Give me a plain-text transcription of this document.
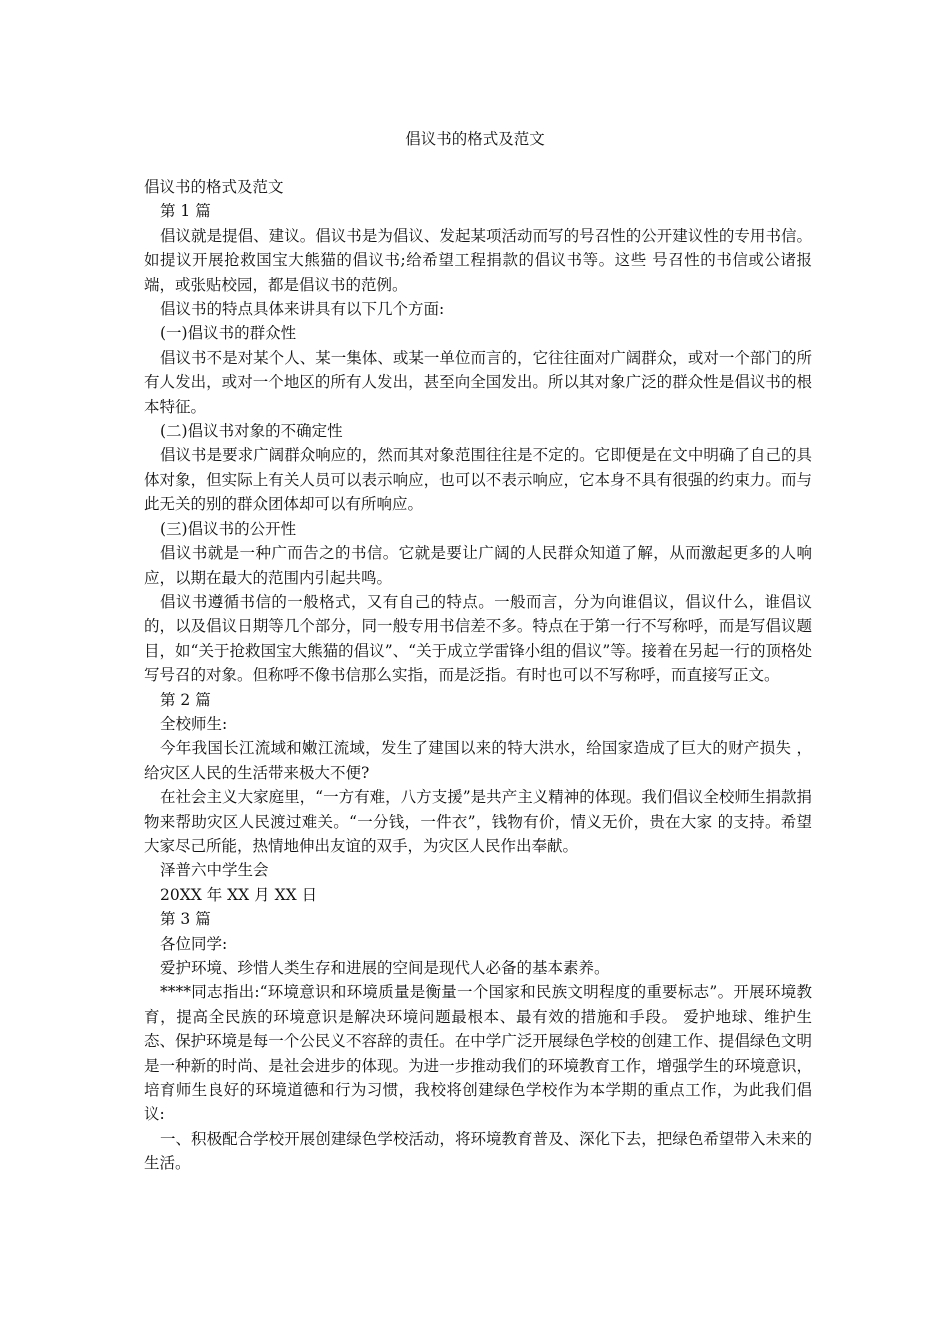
倡议书的格式及范文

倡议书的格式及范文

第 1 篇

倡议就是提倡、建议。倡议书是为倡议、发起某项活动而写的号召性的公开建议性的专用书信。如提议开展抢救国宝大熊猫的倡议书;给希望工程捐款的倡议书等。这些 号召性的书信或公诸报端，或张贴校园，都是倡议书的范例。

倡议书的特点具体来讲具有以下几个方面:

(一)倡议书的群众性

倡议书不是对某个人、某一集体、或某一单位而言的，它往往面对广阔群众，或对一个部门的所有人发出，或对一个地区的所有人发出，甚至向全国发出。所以其对象广泛的群众性是倡议书的根本特征。

(二)倡议书对象的不确定性

倡议书是要求广阔群众响应的，然而其对象范围往往是不定的。它即便是在文中明确了自己的具体对象，但实际上有关人员可以表示响应，也可以不表示响应，它本身不具有很强的约束力。而与此无关的别的群众团体却可以有所响应。

(三)倡议书的公开性

倡议书就是一种广而告之的书信。它就是要让广阔的人民群众知道了解，从而激起更多的人响应，以期在最大的范围内引起共鸣。

倡议书遵循书信的一般格式，又有自己的特点。一般而言，分为向谁倡议，倡议什么，谁倡议的，以及倡议日期等几个部分，同一般专用书信差不多。特点在于第一行不写称呼，而是写倡议题目，如“关于抢救国宝大熊猫的倡议”、“关于成立学雷锋小组的倡议”等。接着在另起一行的顶格处写号召的对象。但称呼不像书信那么实指，而是泛指。有时也可以不写称呼，而直接写正文。

第 2 篇

全校师生:

今年我国长江流域和嫩江流域，发生了建国以来的特大洪水，给国家造成了巨大的财产损失 ，给灾区人民的生活带来极大不便?

在社会主义大家庭里，“一方有难，八方支援”是共产主义精神的体现。我们倡议全校师生捐款捐物来帮助灾区人民渡过难关。“一分钱，一件衣”，钱物有价，情义无价，贵在大家 的支持。希望大家尽己所能，热情地伸出友谊的双手，为灾区人民作出奉献。

泽普六中学生会

20XX 年 XX 月 XX 日

第 3 篇

各位同学:

爱护环境、珍惜人类生存和进展的空间是现代人必备的基本素养。

****同志指出:“环境意识和环境质量是衡量一个国家和民族文明程度的重要标志”。开展环境教育，提高全民族的环境意识是解决环境问题最根本、最有效的措施和手段。 爱护地球、维护生态、保护环境是每一个公民义不容辞的责任。在中学广泛开展绿色学校的创建工作、提倡绿色文明是一种新的时尚、是社会进步的体现。为进一步推动我们的环境教育工作，增强学生的环境意识，培育师生良好的环境道德和行为习惯，我校将创建绿色学校作为本学期的重点工作，为此我们倡议:

一、积极配合学校开展创建绿色学校活动，将环境教育普及、深化下去，把绿色希望带入未来的生活。
